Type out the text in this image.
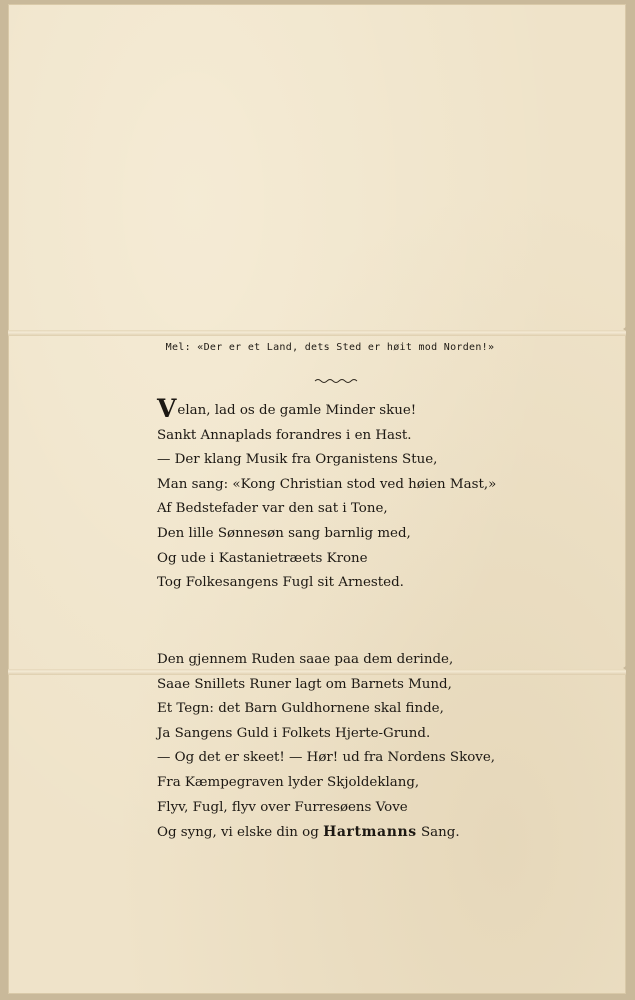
Mel: «Der er et Land, dets Sted er høit mod Norden!»
Velan, lad os de gamle Minder skue!
Sankt Annaplads forandres i en Hast.
— Der klang Musik fra Organistens Stue,
Man sang: «Kong Christian stod ved høien Mast,»
Af Bedstefader var den sat i Tone,
Den lille Sønnesøn sang barnlig med,
Og ude i Kastanietræets Krone
Tog Folkesangens Fugl sit Arnested.
Den gjennem Ruden saae paa dem derinde,
Saae Snillets Runer lagt om Barnets Mund,
Et Tegn: det Barn Guldhornene skal finde,
Ja Sangens Guld i Folkets Hjerte-Grund.
— Og det er skeet! — Hør! ud fra Nordens Skove,
Fra Kæmpegraven lyder Skjoldeklang,
Flyv, Fugl, flyv over Furresøens Vove
Og syng, vi elske din og Hartmanns Sang.
